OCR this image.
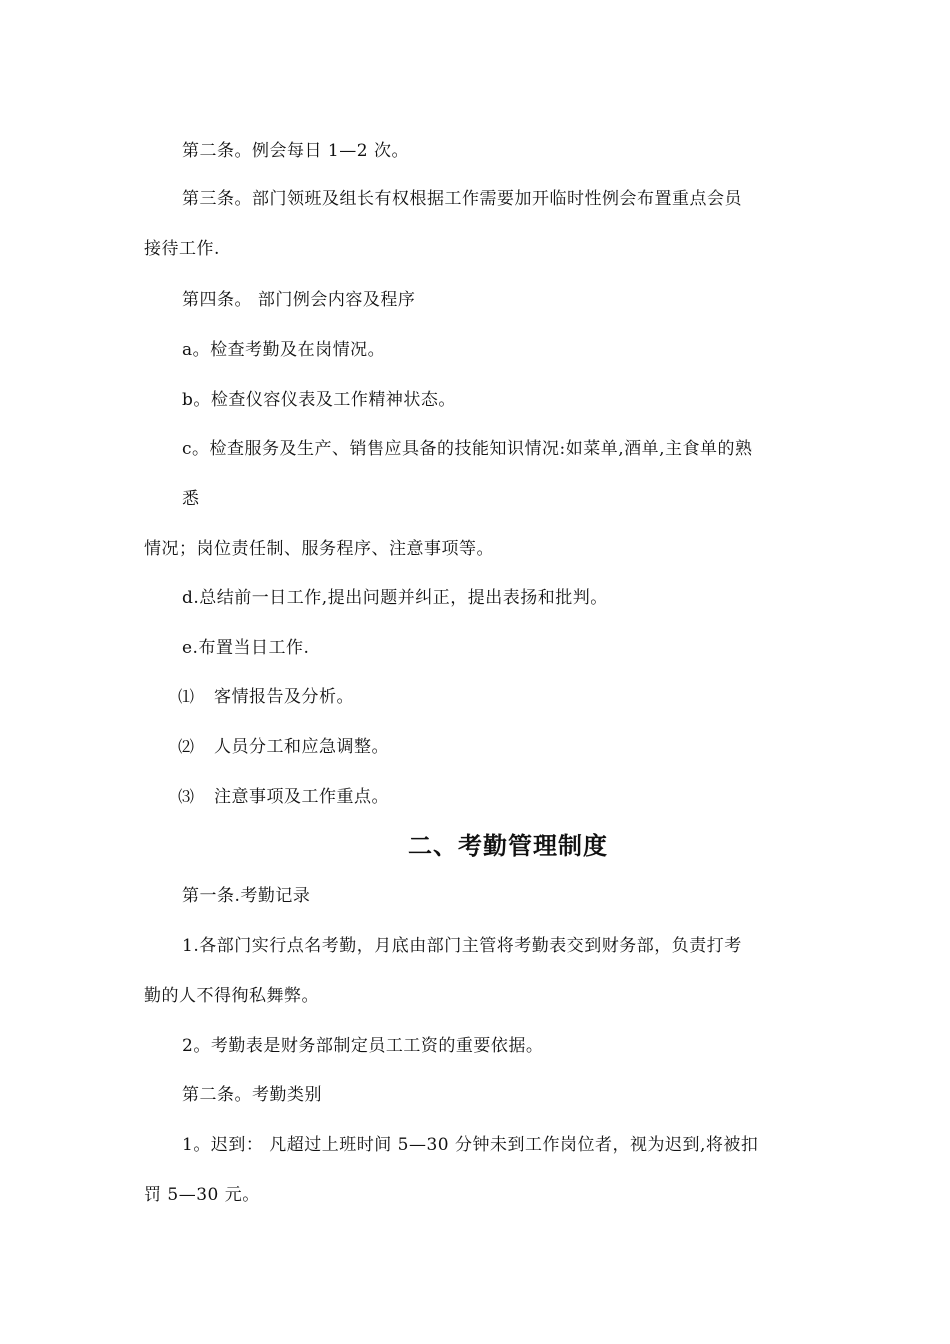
第二条。例会每日 1—2 次。
第三条。部门领班及组长有权根据工作需要加开临时性例会布置重点会员
接待工作.
第四条。 部门例会内容及程序
a。检查考勤及在岗情况。
b。检查仪容仪表及工作精神状态。
c。检查服务及生产、销售应具备的技能知识情况:如菜单,酒单,主食单的熟
悉
情况；岗位责任制、服务程序、注意事项等。
d.总结前一日工作,提出问题并纠正，提出表扬和批判。
e.布置当日工作.
⑴ 客情报告及分析。
⑵ 人员分工和应急调整。
⑶ 注意事项及工作重点。
二、考勤管理制度
第一条.考勤记录
1.各部门实行点名考勤，月底由部门主管将考勤表交到财务部，负责打考
勤的人不得徇私舞弊。
2。考勤表是财务部制定员工工资的重要依据。
第二条。考勤类别
1。迟到： 凡超过上班时间 5—30 分钟未到工作岗位者，视为迟到,将被扣
罚 5—30 元。
